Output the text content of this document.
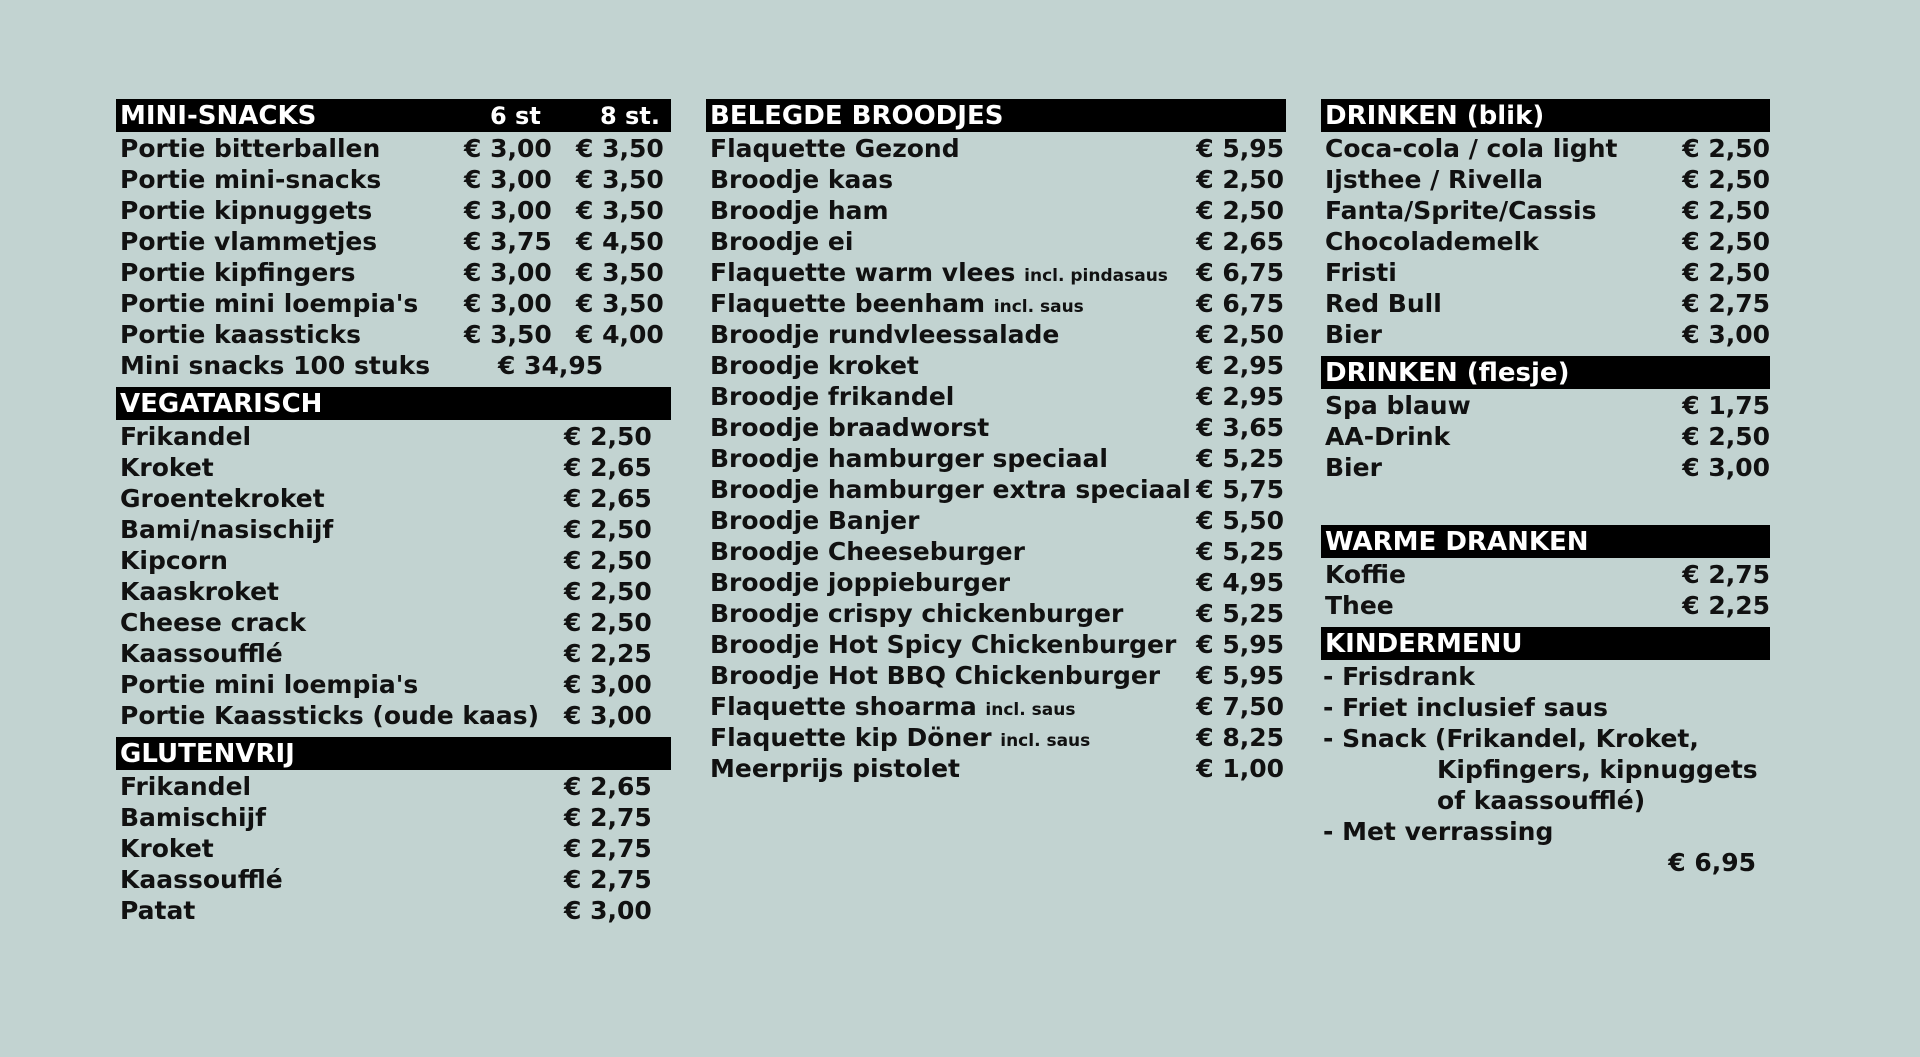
MINI-SNACKS	6 st 8 st.
Portie bitterballen	€ 3,00 € 3,50
Portie mini-snacks	€ 3,00 € 3,50
Portie kipnuggets	€ 3,00 € 3,50
Portie vlammetjes	€ 3,75 € 4,50
Portie kipfingers	€ 3,00 € 3,50
Portie mini loempia's € 3,00 € 3,50
Portie kaassticks	€ 3,50 € 4,00
Mini snacks 100 stuks	€ 34,95
VEGATARISCH
Frikandel	€ 2,50
Kroket	€ 2,65
Groentekroket	€ 2,65
Bami/nasischijf	€ 2,50
Kipcorn	€ 2,50
Kaaskroket	€ 2,50
Cheese crack	€ 2,50
Kaassoufflé	€ 2,25
Portie mini loempia's	€ 3,00
Portie Kaassticks (oude kaas) € 3,00
GLUTENVRIJ
Frikandel	€ 2,65
Bamischijf	€ 2,75
Kroket	€ 2,75
Kaassoufflé	€ 2,75
Patat	€ 3,00
BELEGDE BROODJES
Flaquette Gezond	€ 5,95
Broodje kaas	€ 2,50
Broodje ham	€ 2,50
Broodje ei	€ 2,65
Flaquette warm vlees incl. pindasaus € 6,75
Flaquette beenham incl. saus	€ 6,75
Broodje rundvleessalade	€ 2,50
Broodje kroket	€ 2,95
Broodje frikandel	€ 2,95
Broodje braadworst	€ 3,65
Broodje hamburger speciaal	€ 5,25
Broodje hamburger extra speciaal € 5,75
Broodje Banjer	€ 5,50
Broodje Cheeseburger	€ 5,25
Broodje joppieburger	€ 4,95
Broodje crispy chickenburger	€ 5,25
Broodje Hot Spicy Chickenburger € 5,95
Broodje Hot BBQ Chickenburger € 5,95
Flaquette shoarma incl. saus	€ 7,50
Flaquette kip Döner incl. saus	€ 8,25
Meerprijs pistolet	€ 1,00
DRINKEN (blik)
Coca-cola / cola light	€ 2,50
Ijsthee / Rivella	€ 2,50
Fanta/Sprite/Cassis	€ 2,50
Chocolademelk	€ 2,50
Fristi	€ 2,50
Red Bull	€ 2,75
Bier	€ 3,00
DRINKEN (flesje)
Spa blauw	€ 1,75
AA-Drink	€ 2,50
Bier	€ 3,00
WARME DRANKEN
Koffie	€ 2,75
Thee	€ 2,25
KINDERMENU
- Frisdrank
- Friet inclusief saus
- Snack (Frikandel, Kroket,
Kipfingers, kipnuggets
of kaassoufflé)
- Met verrassing
€ 6,95
